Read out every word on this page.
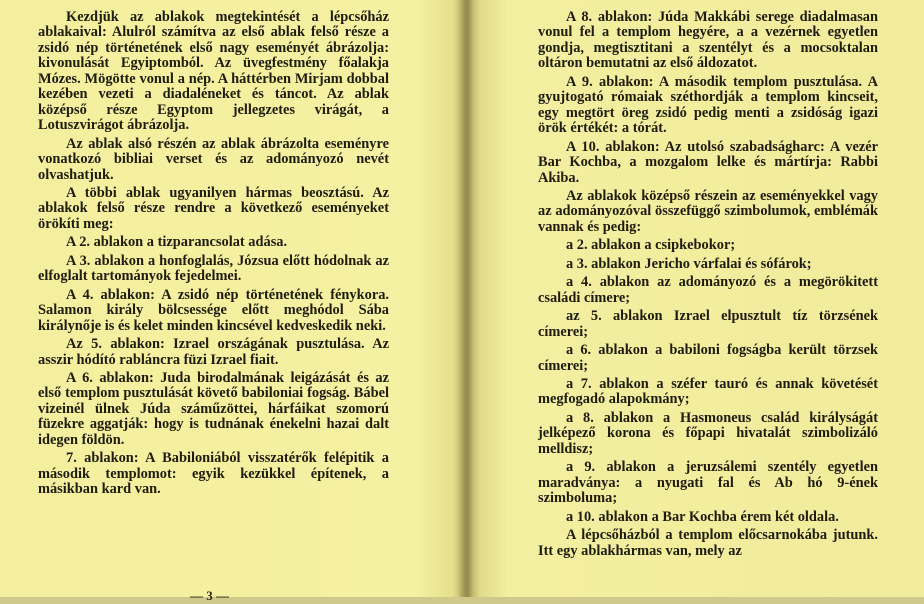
Kezdjük az ablakok megtekintését a lépcsőház ablakaival: Alulról számítva az első ablak felső része a zsidó nép történetének első nagy eseményét ábrázolja: kivonulását Egyiptomból. Az üvegfestmény főalakja Mózes. Mögötte vonul a nép. A háttérben Mirjam dobbal kezében vezeti a diadaléneket és táncot. Az ablak középső része Egyptom jellegzetes virágát, a Lotuszvirágot ábrázolja.

Az ablak alsó részén az ablak ábrázolta eseményre vonatkozó bibliai verset és az adományozó nevét olvashatjuk.

A többi ablak ugyanilyen hármas beosztású. Az ablakok felső része rendre a következő eseményeket örökíti meg:

A 2. ablakon a tizparancsolat adása.

A 3. ablakon a honfoglalás, Józsua előtt hódolnak az elfoglalt tartományok fejedelmei.

A 4. ablakon: A zsidó nép történetének fénykora. Salamon király bölcsessége előtt meghódol Sába királynője is és kelet minden kincsével kedveskedik neki.

Az 5. ablakon: Izrael országának pusztulása. Az asszir hódító rabláncra füzi Izrael fiait.

A 6. ablakon: Juda birodalmának leigázását és az első templom pusztulását követő babiloniai fogság. Bábel vizeinél ülnek Júda száműzöttei, hárfáikat szomorú füzekre aggatják: hogy is tudnának énekelni hazai dalt idegen földön.

7. ablakon: A Babiloniából visszatérők felépitik a második templomot: egyik kezükkel építenek, a másikban kard van.

— 3 —

A 8. ablakon: Júda Makkábi serege diadalmasan vonul fel a templom hegyére, a a vezérnek egyetlen gondja, megtisztitani a szentélyt és a mocsoktalan oltáron bemutatni az első áldozatot.

A 9. ablakon: A második templom pusztulása. A gyujtogató rómaiak széthordják a templom kincseit, egy megtört öreg zsidó pedig menti a zsidóság igazi örök értékét: a tórát.

A 10. ablakon: Az utolsó szabadságharc: A vezér Bar Kochba, a mozgalom lelke és mártírja: Rabbi Akiba.

Az ablakok középső részein az eseményekkel vagy az adományozóval összefüggő szimbolumok, emblémák vannak és pedig:

a 2. ablakon a csipkebokor;

a 3. ablakon Jericho várfalai és sófárok;

a 4. ablakon az adományozó és a megörökitett családi címere;

az 5. ablakon Izrael elpusztult tíz törzsének címerei;

a 6. ablakon a babiloni fogságba került törzsek címerei;

a 7. ablakon a széfer tauró és annak követését megfogadó alapokmány;

a 8. ablakon a Hasmoneus család királyságát jelképező korona és főpapi hivatalát szimbolizáló melldisz;

a 9. ablakon a jeruzsálemi szentély egyetlen maradványa: a nyugati fal és Ab hó 9-ének szimboluma;

a 10. ablakon a Bar Kochba érem két oldala.

A lépcsőházból a templom előcsarnokába jutunk. Itt egy ablakhármas van, mely az
